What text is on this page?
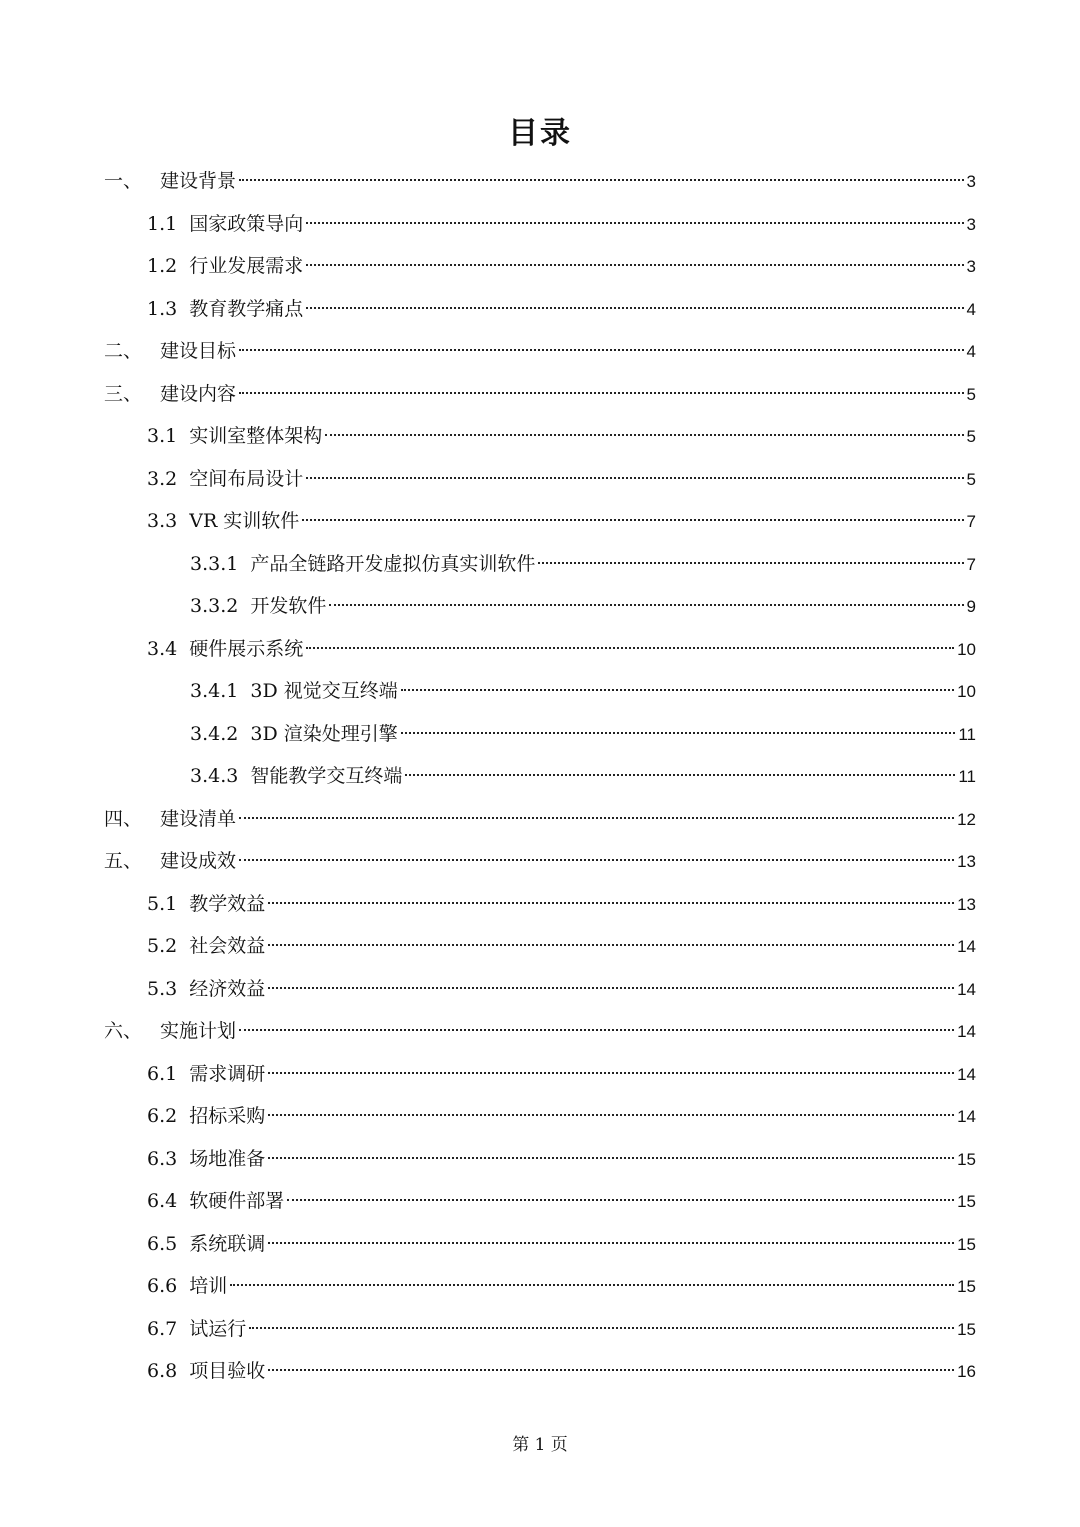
目录
一、 建设背景	3
1.1 国家政策导向	3
1.2 行业发展需求	3
1.3 教育教学痛点	4
二、 建设目标	4
三、 建设内容	5
3.1 实训室整体架构	5
3.2 空间布局设计	5
3.3 VR 实训软件	7
3.3.1 产品全链路开发虚拟仿真实训软件	7
3.3.2 开发软件	9
3.4 硬件展示系统	10
3.4.1 3D 视觉交互终端	10
3.4.2 3D 渲染处理引擎	11
3.4.3 智能教学交互终端	11
四、 建设清单	12
五、 建设成效	13
5.1 教学效益	13
5.2 社会效益	14
5.3 经济效益	14
六、 实施计划	14
6.1 需求调研	14
6.2 招标采购	14
6.3 场地准备	15
6.4 软硬件部署	15
6.5 系统联调	15
6.6 培训	15
6.7 试运行	15
6.8 项目验收	16
第 1 页
